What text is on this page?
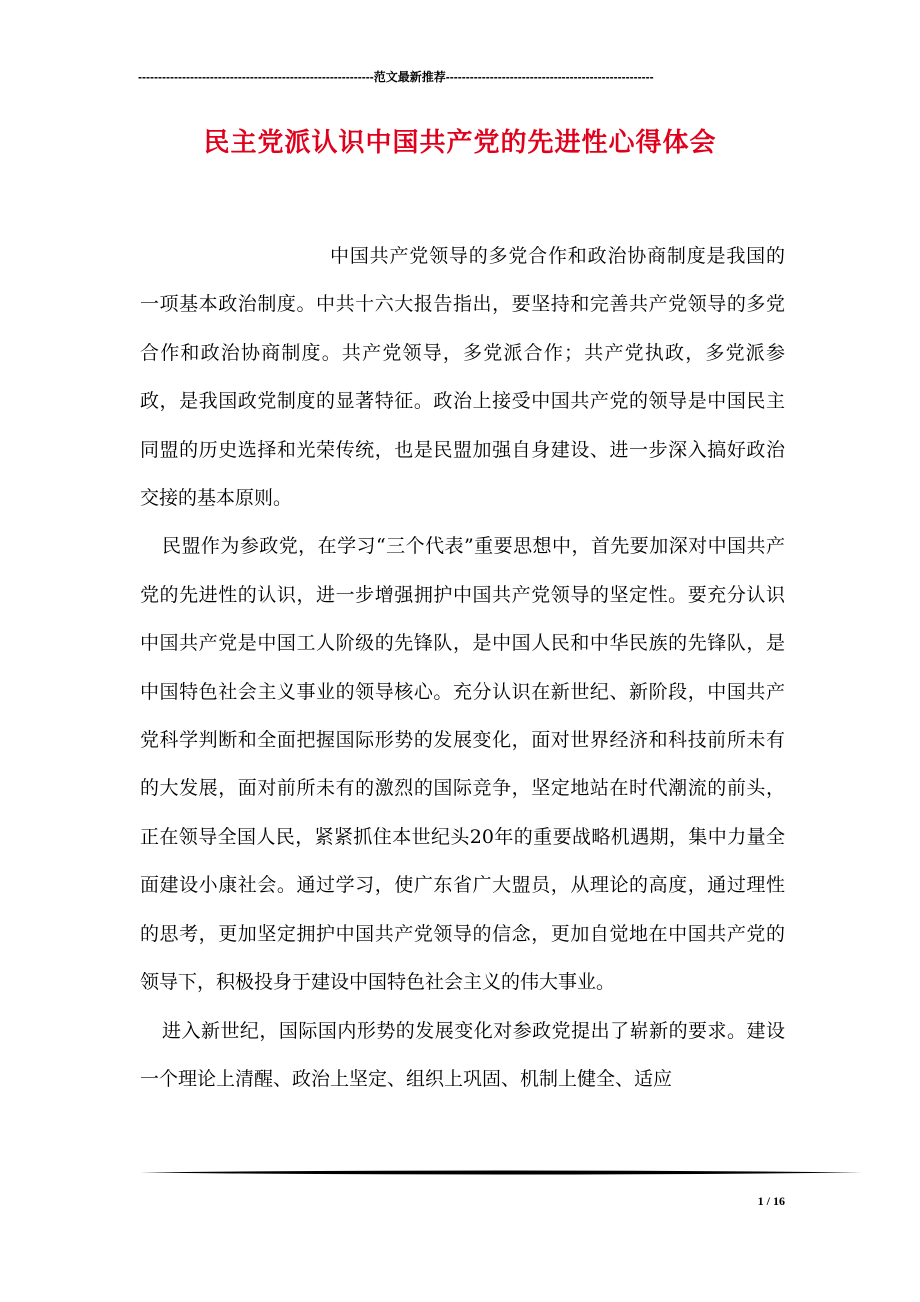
-----------------------------------------------------------范文最新推荐----------------------------------------------------
民主党派认识中国共产党的先进性心得体会

中国共产党领导的多党合作和政治协商制度是我国的一项基本政治制度。中共十六大报告指出，要坚持和完善共产党领导的多党合作和政治协商制度。共产党领导，多党派合作；共产党执政，多党派参政，是我国政党制度的显著特征。政治上接受中国共产党的领导是中国民主同盟的历史选择和光荣传统，也是民盟加强自身建设、进一步深入搞好政治交接的基本原则。

民盟作为参政党，在学习“三个代表”重要思想中，首先要加深对中国共产党的先进性的认识，进一步增强拥护中国共产党领导的坚定性。要充分认识中国共产党是中国工人阶级的先锋队，是中国人民和中华民族的先锋队，是中国特色社会主义事业的领导核心。充分认识在新世纪、新阶段，中国共产党科学判断和全面把握国际形势的发展变化，面对世界经济和科技前所未有的大发展，面对前所未有的激烈的国际竞争，坚定地站在时代潮流的前头，正在领导全国人民，紧紧抓住本世纪头20年的重要战略机遇期，集中力量全面建设小康社会。通过学习，使广东省广大盟员，从理论的高度，通过理性的思考，更加坚定拥护中国共产党领导的信念，更加自觉地在中国共产党的领导下，积极投身于建设中国特色社会主义的伟大事业。

进入新世纪，国际国内形势的发展变化对参政党提出了崭新的要求。建设一个理论上清醒、政治上坚定、组织上巩固、机制上健全、适应

1 / 16
